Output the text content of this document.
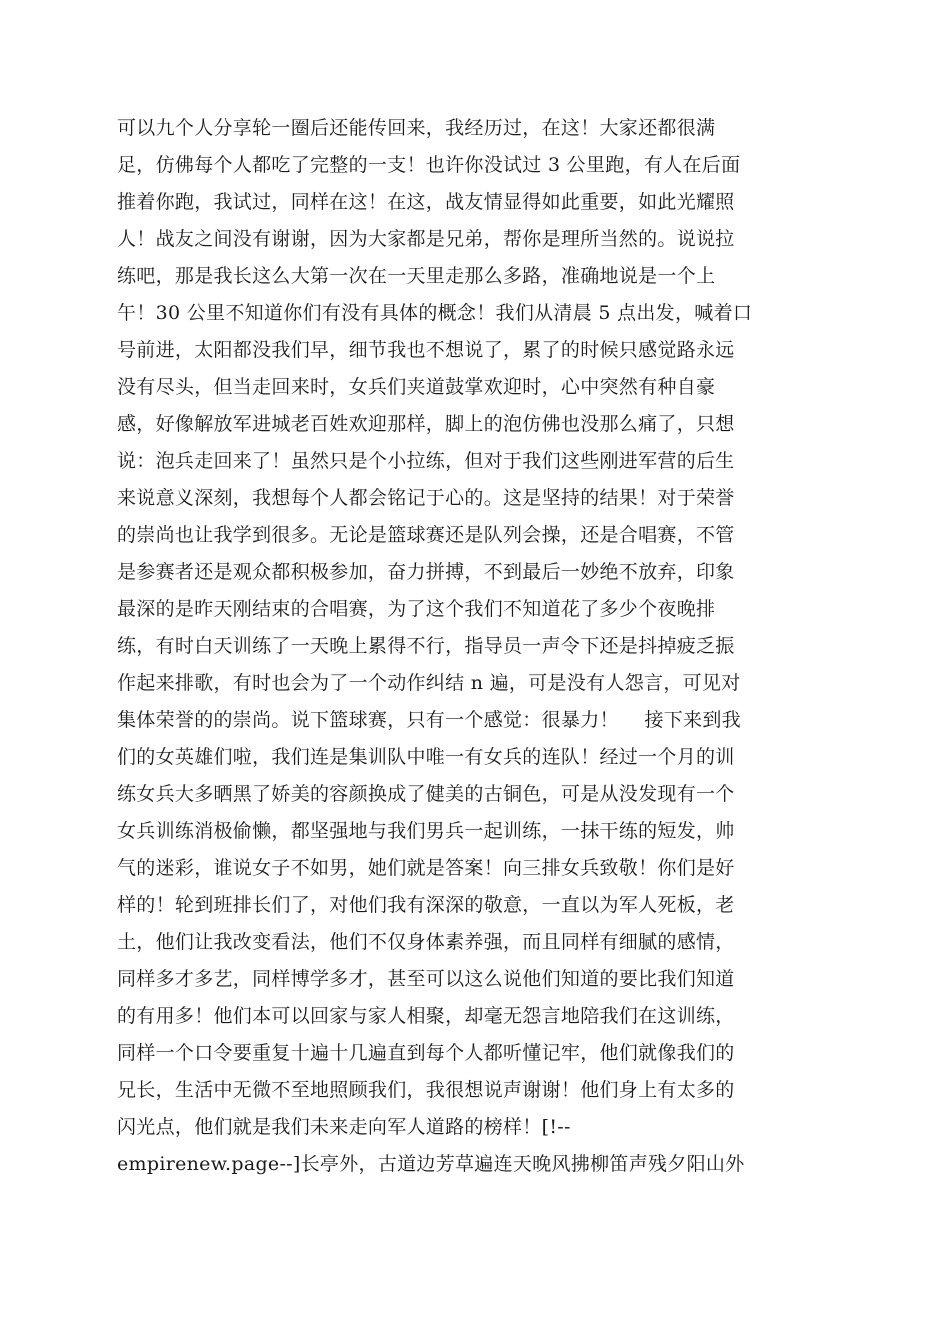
可以九个人分享轮一圈后还能传回来，我经历过，在这！大家还都很满
足，仿佛每个人都吃了完整的一支！也许你没试过 3 公里跑，有人在后面
推着你跑，我试过，同样在这！在这，战友情显得如此重要，如此光耀照
人！战友之间没有谢谢，因为大家都是兄弟，帮你是理所当然的。说说拉
练吧，那是我长这么大第一次在一天里走那么多路，准确地说是一个上
午！30 公里不知道你们有没有具体的概念！我们从清晨 5 点出发，喊着口
号前进，太阳都没我们早，细节我也不想说了，累了的时候只感觉路永远
没有尽头，但当走回来时，女兵们夹道鼓掌欢迎时，心中突然有种自豪
感，好像解放军进城老百姓欢迎那样，脚上的泡仿佛也没那么痛了，只想
说：泡兵走回来了！虽然只是个小拉练，但对于我们这些刚进军营的后生
来说意义深刻，我想每个人都会铭记于心的。这是坚持的结果！对于荣誉
的崇尚也让我学到很多。无论是篮球赛还是队列会操，还是合唱赛，不管
是参赛者还是观众都积极参加，奋力拼搏，不到最后一妙绝不放弃，印象
最深的是昨天刚结束的合唱赛，为了这个我们不知道花了多少个夜晚排
练，有时白天训练了一天晚上累得不行，指导员一声令下还是抖掉疲乏振
作起来排歌，有时也会为了一个动作纠结 n 遍，可是没有人怨言，可见对
集体荣誉的的崇尚。说下篮球赛，只有一个感觉：很暴力！　 接下来到我
们的女英雄们啦，我们连是集训队中唯一有女兵的连队！经过一个月的训
练女兵大多晒黑了娇美的容颜换成了健美的古铜色，可是从没发现有一个
女兵训练消极偷懒，都坚强地与我们男兵一起训练，一抹干练的短发，帅
气的迷彩，谁说女子不如男，她们就是答案！向三排女兵致敬！你们是好
样的！轮到班排长们了，对他们我有深深的敬意，一直以为军人死板，老
土，他们让我改变看法，他们不仅身体素养强，而且同样有细腻的感情，
同样多才多艺，同样博学多才，甚至可以这么说他们知道的要比我们知道
的有用多！他们本可以回家与家人相聚，却毫无怨言地陪我们在这训练，
同样一个口令要重复十遍十几遍直到每个人都听懂记牢，他们就像我们的
兄长，生活中无微不至地照顾我们，我很想说声谢谢！他们身上有太多的
闪光点，他们就是我们未来走向军人道路的榜样！[!--
empirenew.page--]长亭外，古道边芳草遍连天晚风拂柳笛声残夕阳山外
